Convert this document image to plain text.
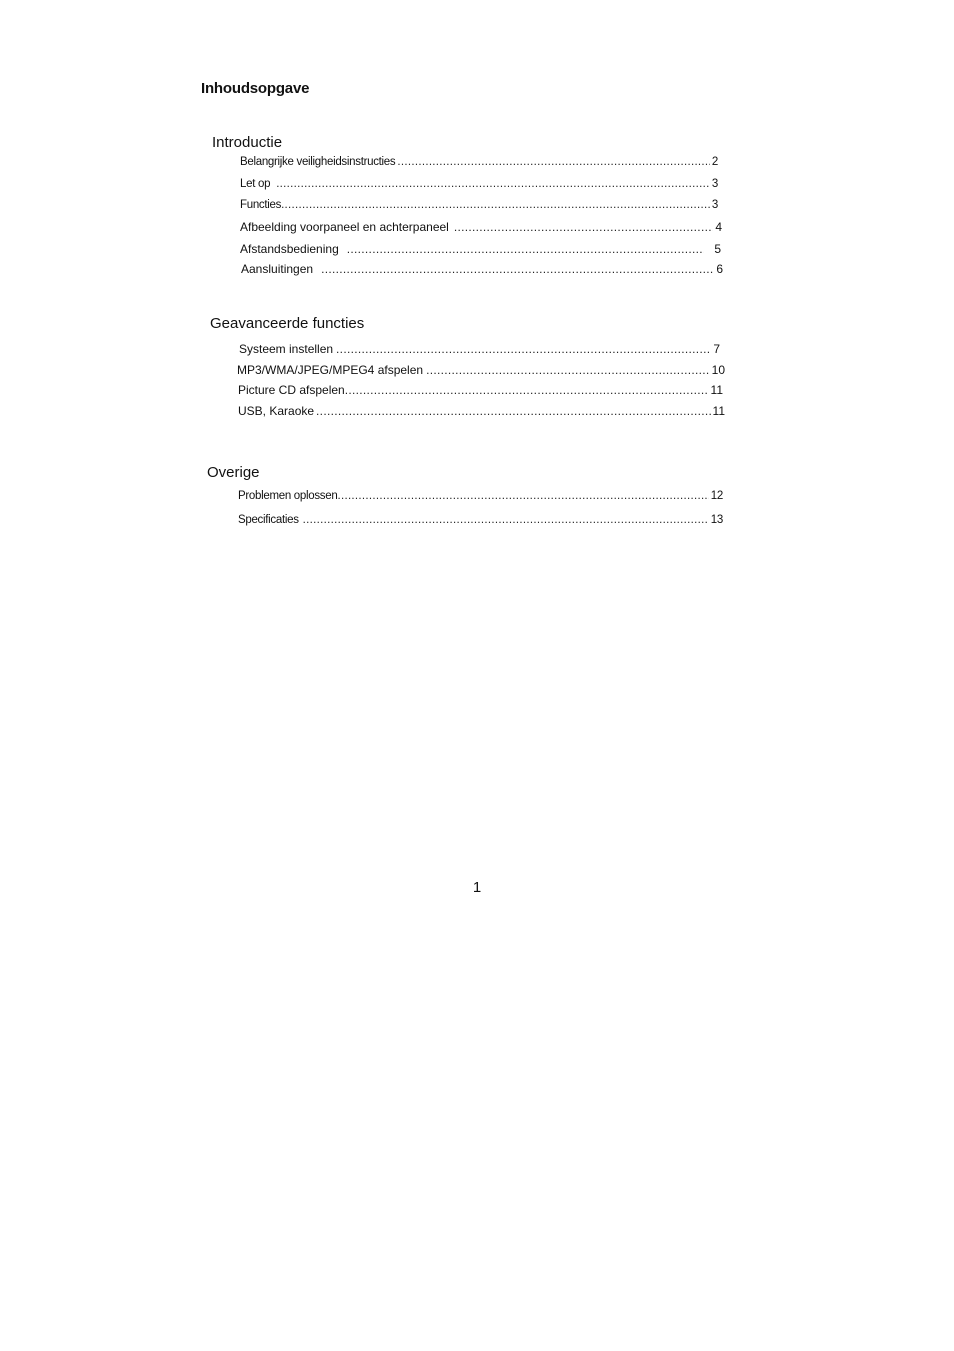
Inhoudsopgave
Introductie
Belangrijke veiligheidsinstructies .....	2
Let op .....	3
Functies .....	3
Afbeelding voorpaneel en achterpaneel .....	4
Afstandsbediening .....	5
Aansluitingen .....	6
Geavanceerde functies
Systeem instellen .....	7
MP3/WMA/JPEG/MPEG4 afspelen .....	10
Picture CD afspelen .....	11
USB, Karaoke .....	11
Overige
Problemen oplossen .....	12
Specificaties .....	13
1
